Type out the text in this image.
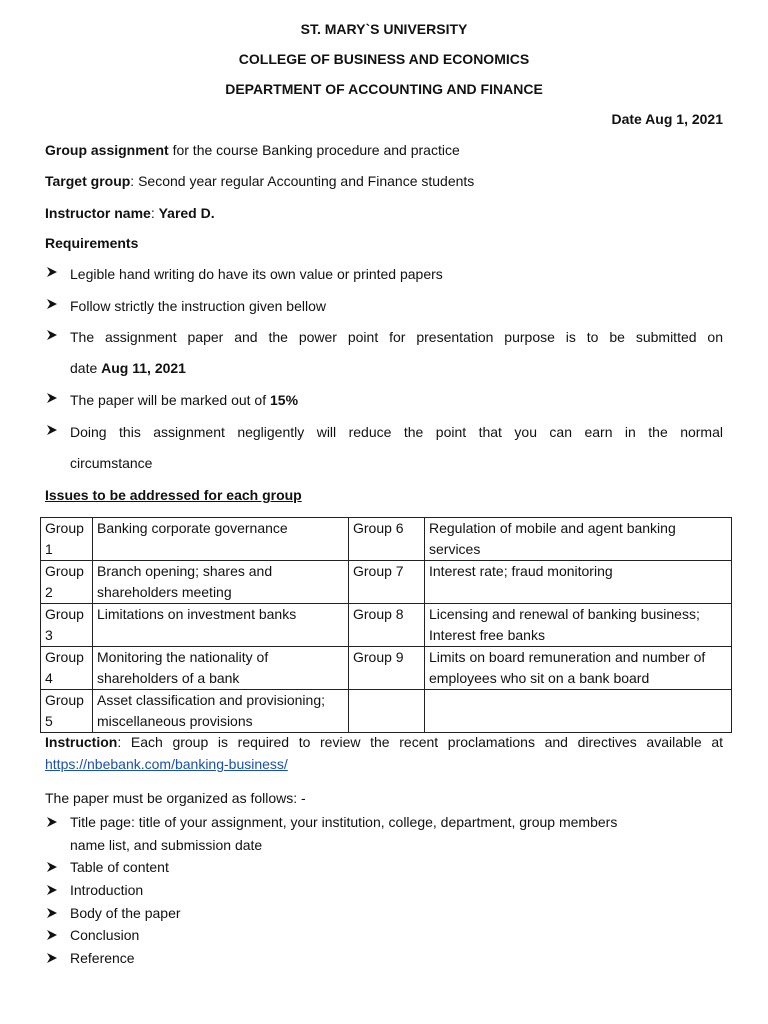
ST. MARY`S UNIVERSITY
COLLEGE OF BUSINESS AND ECONOMICS
DEPARTMENT OF ACCOUNTING AND FINANCE
Date Aug 1, 2021
Group assignment for the course Banking procedure and practice
Target group: Second year regular Accounting and Finance students
Instructor name: Yared D.
Requirements
Legible hand writing do have its own value or printed papers
Follow strictly the instruction given bellow
The assignment paper and the power point for presentation purpose is to be submitted on
date Aug 11, 2021
The paper will be marked out of 15%
Doing this assignment negligently will reduce the point that you can earn in the normal
circumstance
Issues to be addressed for each group
Group 1	Banking corporate governance	Group 6	Regulation of mobile and agent banking services
Group 2	Branch opening; shares and shareholders meeting	Group 7	Interest rate; fraud monitoring
Group 3	Limitations on investment banks	Group 8	Licensing and renewal of banking business; Interest free banks
Group 4	Monitoring the nationality of shareholders of a bank	Group 9	Limits on board remuneration and number of employees who sit on a bank board
Group 5	Asset classification and provisioning; miscellaneous provisions		
Instruction: Each group is required to review the recent proclamations and directives available at
https://nbebank.com/banking-business/
The paper must be organized as follows: -
Title page: title of your assignment, your institution, college, department, group members
name list, and submission date
Table of content
Introduction
Body of the paper
Conclusion
Reference
